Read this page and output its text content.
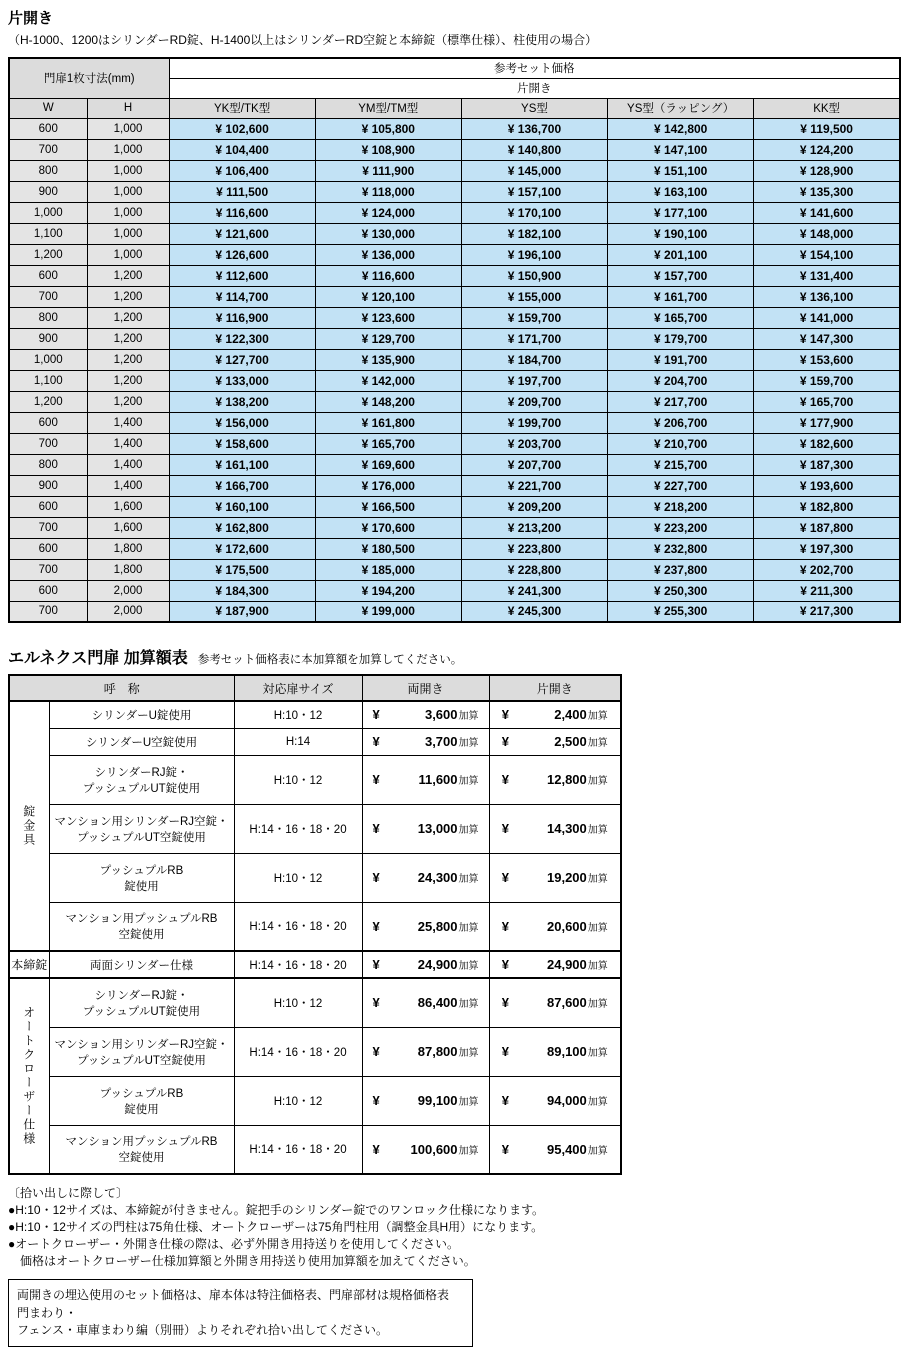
片開き
（H-1000、1200はシリンダーRD錠、H-1400以上はシリンダーRD空錠と本締錠（標準仕様）、柱使用の場合）
門扉1枚寸法(mm)		参考セット価格				
		片開き				
W	H	YK型/TK型	YM型/TM型	YS型	YS型（ラッピング）	KK型
600	1,000	¥ 102,600	¥ 105,800	¥ 136,700	¥ 142,800	¥ 119,500
700	1,000	¥ 104,400	¥ 108,900	¥ 140,800	¥ 147,100	¥ 124,200
800	1,000	¥ 106,400	¥ 111,900	¥ 145,000	¥ 151,100	¥ 128,900
900	1,000	¥ 111,500	¥ 118,000	¥ 157,100	¥ 163,100	¥ 135,300
1,000	1,000	¥ 116,600	¥ 124,000	¥ 170,100	¥ 177,100	¥ 141,600
1,100	1,000	¥ 121,600	¥ 130,000	¥ 182,100	¥ 190,100	¥ 148,000
1,200	1,000	¥ 126,600	¥ 136,000	¥ 196,100	¥ 201,100	¥ 154,100
600	1,200	¥ 112,600	¥ 116,600	¥ 150,900	¥ 157,700	¥ 131,400
700	1,200	¥ 114,700	¥ 120,100	¥ 155,000	¥ 161,700	¥ 136,100
800	1,200	¥ 116,900	¥ 123,600	¥ 159,700	¥ 165,700	¥ 141,000
900	1,200	¥ 122,300	¥ 129,700	¥ 171,700	¥ 179,700	¥ 147,300
1,000	1,200	¥ 127,700	¥ 135,900	¥ 184,700	¥ 191,700	¥ 153,600
1,100	1,200	¥ 133,000	¥ 142,000	¥ 197,700	¥ 204,700	¥ 159,700
1,200	1,200	¥ 138,200	¥ 148,200	¥ 209,700	¥ 217,700	¥ 165,700
600	1,400	¥ 156,000	¥ 161,800	¥ 199,700	¥ 206,700	¥ 177,900
700	1,400	¥ 158,600	¥ 165,700	¥ 203,700	¥ 210,700	¥ 182,600
800	1,400	¥ 161,100	¥ 169,600	¥ 207,700	¥ 215,700	¥ 187,300
900	1,400	¥ 166,700	¥ 176,000	¥ 221,700	¥ 227,700	¥ 193,600
600	1,600	¥ 160,100	¥ 166,500	¥ 209,200	¥ 218,200	¥ 182,800
700	1,600	¥ 162,800	¥ 170,600	¥ 213,200	¥ 223,200	¥ 187,800
600	1,800	¥ 172,600	¥ 180,500	¥ 223,800	¥ 232,800	¥ 197,300
700	1,800	¥ 175,500	¥ 185,000	¥ 228,800	¥ 237,800	¥ 202,700
600	2,000	¥ 184,300	¥ 194,200	¥ 241,300	¥ 250,300	¥ 211,300
700	2,000	¥ 187,900	¥ 199,000	¥ 245,300	¥ 255,300	¥ 217,300
エルネクス門扉 加算額表 参考セット価格表に本加算額を加算してください。
呼　称		対応扉サイズ	両開き	片開き
錠金具	シリンダーU錠使用	H:10・12	¥ 3,600 加算	¥ 2,400 加算

	シリンダーU空錠使用	H:14	¥ 3,700 加算	¥ 2,500 加算

	シリンダーRJ錠・
プッシュプルUT錠使用	H:10・12	¥ 11,600 加算	¥ 12,800 加算

	マンション用シリンダーRJ空錠・
プッシュプルUT空錠使用	H:14・16・18・20	¥ 13,000 加算	¥ 14,300 加算

	プッシュプルRB
錠使用	H:10・12	¥ 24,300 加算	¥ 19,200 加算

	マンション用プッシュプルRB
空錠使用	H:14・16・18・20	¥ 25,800 加算	¥ 20,600 加算

本締錠	両面シリンダー仕様	H:14・16・18・20	¥ 24,900 加算	¥ 24,900 加算

オートクローザー仕様	シリンダーRJ錠・
プッシュプルUT錠使用	H:10・12	¥ 86,400 加算	¥ 87,600 加算

	マンション用シリンダーRJ空錠・
プッシュプルUT空錠使用	H:14・16・18・20	¥ 87,800 加算	¥ 89,100 加算

	プッシュプルRB
錠使用	H:10・12	¥ 99,100 加算	¥ 94,000 加算

	マンション用プッシュプルRB
空錠使用	H:14・16・18・20	¥ 100,600 加算	¥ 95,400 加算
〔拾い出しに際して〕
●H:10・12サイズは、本締錠が付きません。錠把手のシリンダー錠でのワンロック仕様になります。
●H:10・12サイズの門柱は75角仕様、オートクローザーは75角門柱用（調整金具H用）になります。
●オートクローザー・外開き仕様の際は、必ず外開き用持送りを使用してください。
　価格はオートクローザー仕様加算額と外開き用持送り使用加算額を加えてください。
両開きの埋込使用のセット価格は、扉本体は特注価格表、門扉部材は規格価格表 門まわり・
フェンス・車庫まわり編（別冊）よりそれぞれ拾い出してください。
